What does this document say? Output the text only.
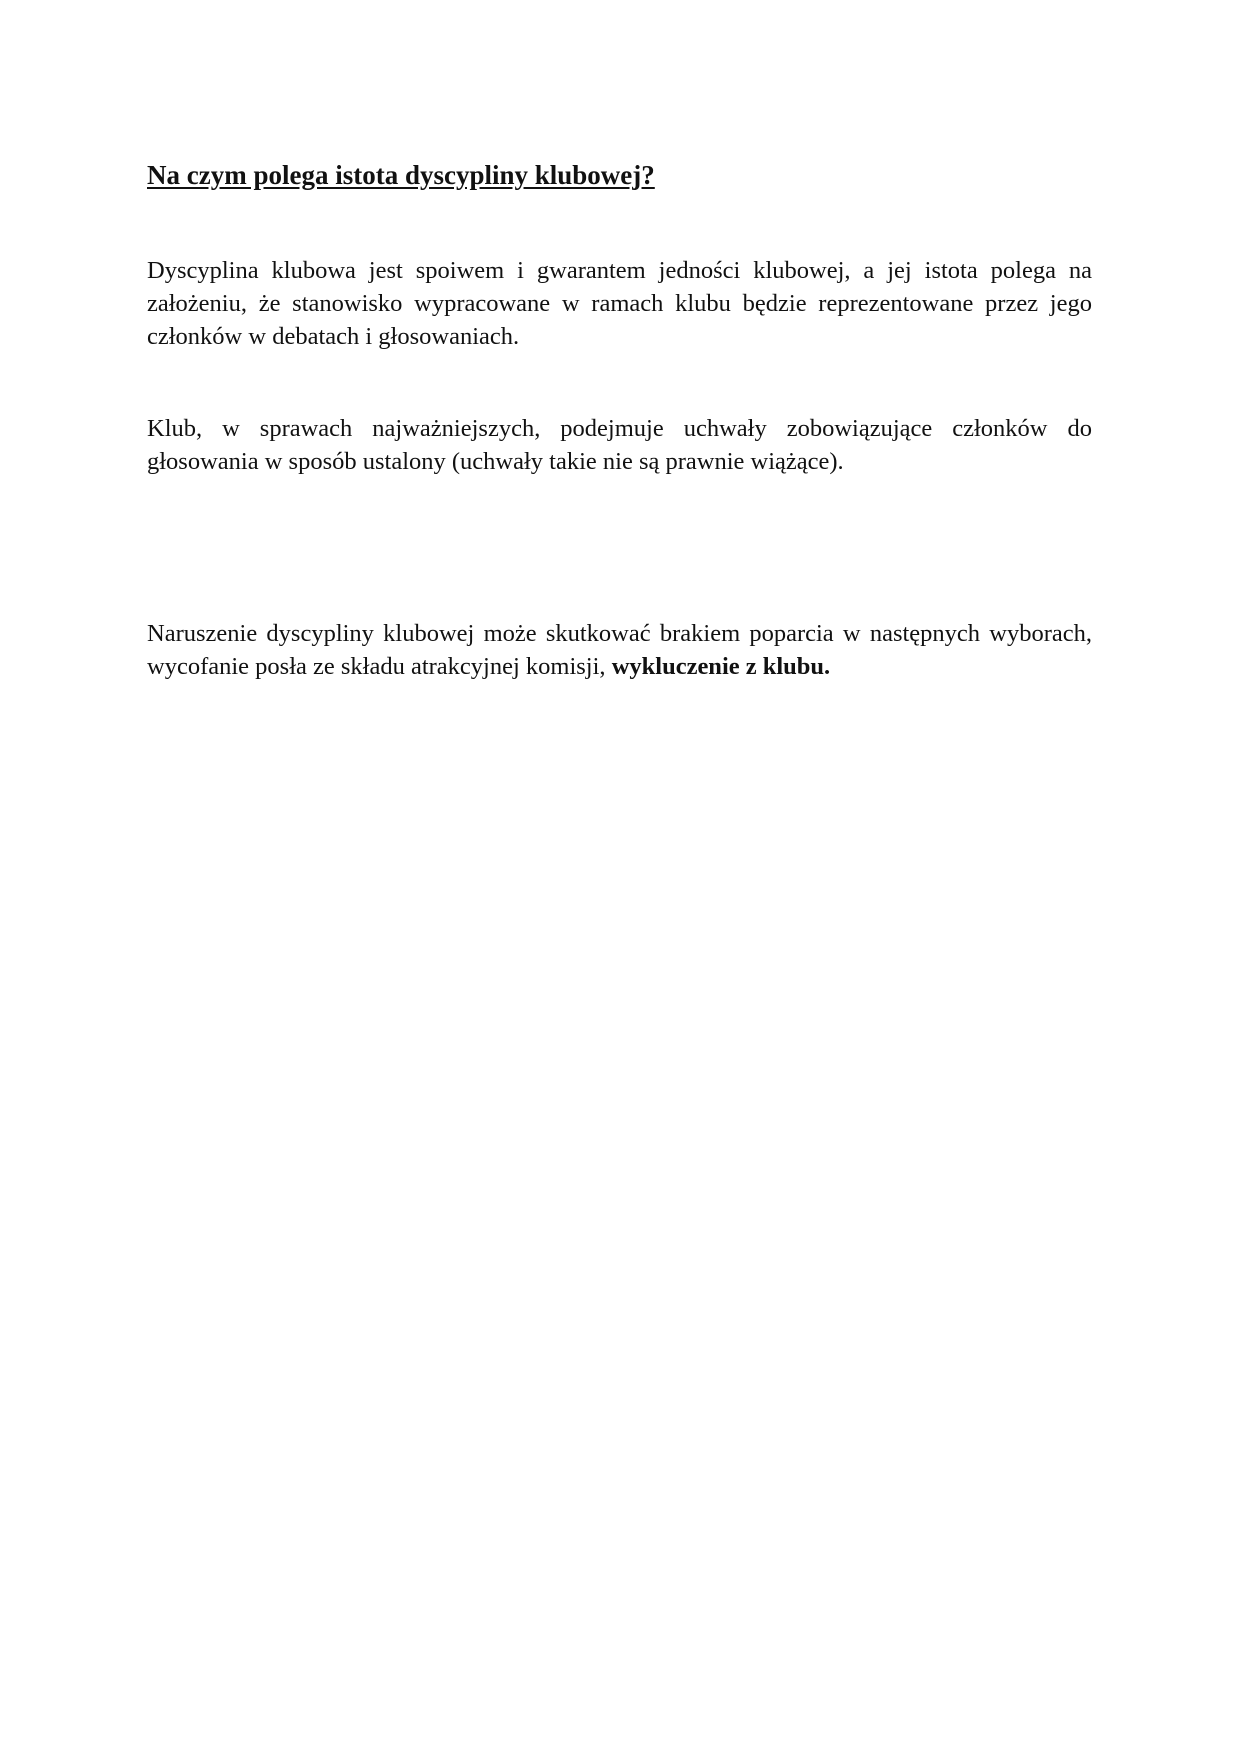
Na czym polega istota dyscypliny klubowej?

Dyscyplina klubowa jest spoiwem i gwarantem jedności klubowej, a jej istota polega na założeniu, że stanowisko wypracowane w ramach klubu będzie reprezentowane przez jego członków w debatach i głosowaniach.

Klub, w sprawach najważniejszych, podejmuje uchwały zobowiązujące członków do głosowania w sposób ustalony (uchwały takie nie są prawnie wiążące).

Naruszenie dyscypliny klubowej może skutkować brakiem poparcia w następnych wyborach, wycofanie posła ze składu atrakcyjnej komisji, wykluczenie z klubu.
